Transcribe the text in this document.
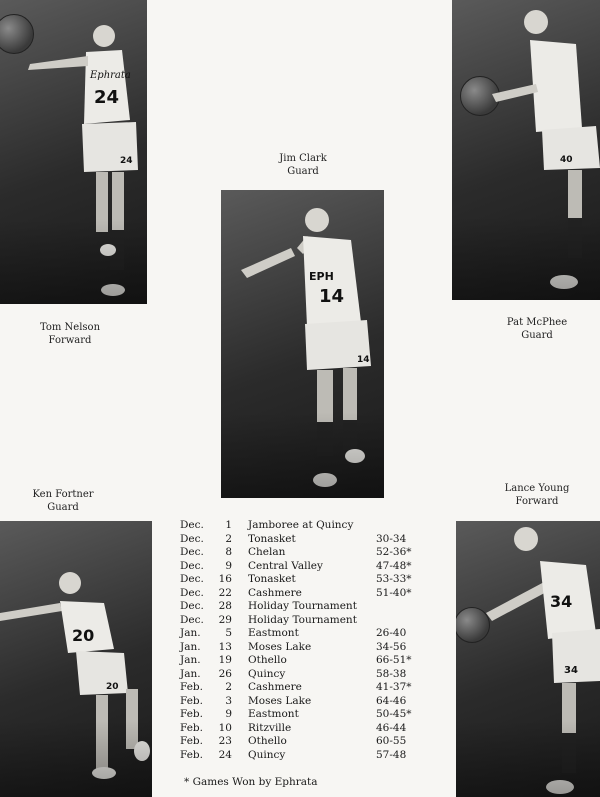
Ephrata
24
24
Tom Nelson
Forward
Jim Clark
Guard
EPH
14
14
40
Pat McPhee
Guard
Ken Fortner
Guard
20
20
Lance Young
Forward
34
34
Dec.	1	Jamboree at Quincy	
Dec.	2	Tonasket	30-34
Dec.	8	Chelan	52-36*
Dec.	9	Central Valley	47-48*
Dec.	16	Tonasket	53-33*
Dec.	22	Cashmere	51-40*
Dec.	28	Holiday Tournament	
Dec.	29	Holiday Tournament	
Jan.	5	Eastmont	26-40
Jan.	13	Moses Lake	34-56
Jan.	19	Othello	66-51*
Jan.	26	Quincy	58-38
Feb.	2	Cashmere	41-37*
Feb.	3	Moses Lake	64-46
Feb.	9	Eastmont	50-45*
Feb.	10	Ritzville	46-44
Feb.	23	Othello	60-55
Feb.	24	Quincy	57-48
* Games Won by Ephrata
